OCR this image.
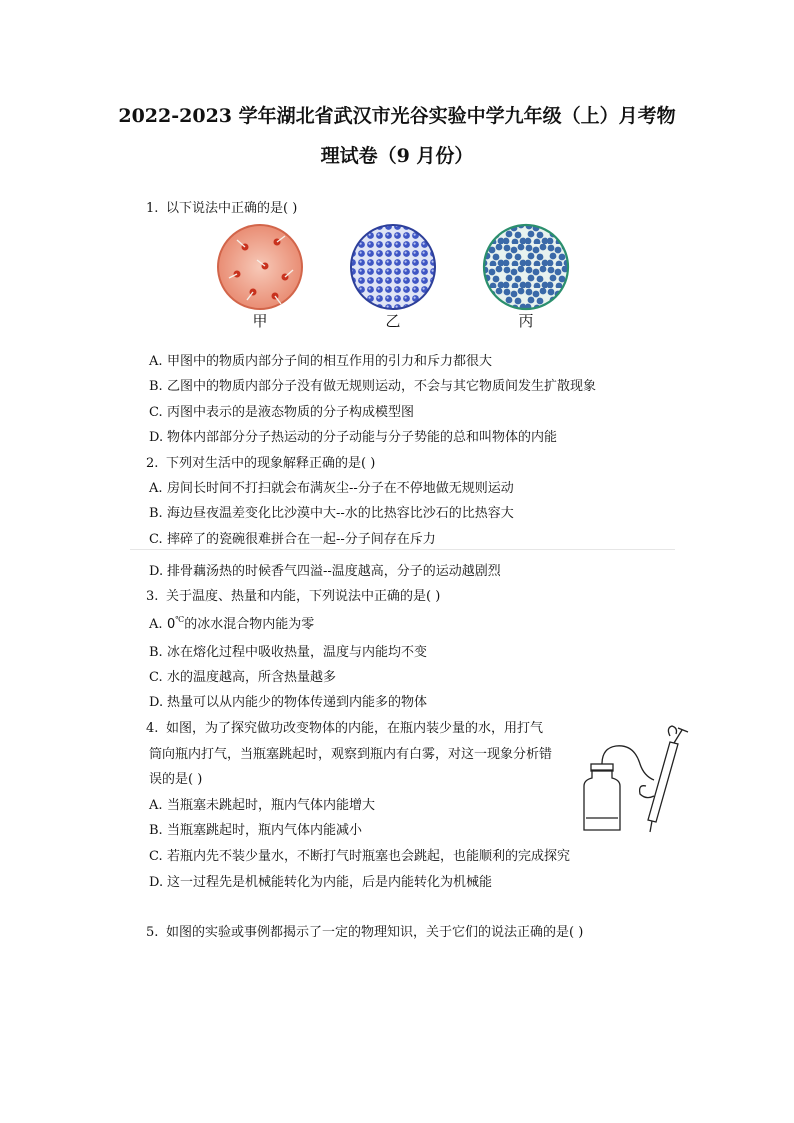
2022-2023 学年湖北省武汉市光谷实验中学九年级（上）月考物
理试卷（9 月份）
1. 以下说法中正确的是( )
甲	乙	丙
A. 甲图中的物质内部分子间的相互作用的引力和斥力都很大
B. 乙图中的物质内部分子没有做无规则运动，不会与其它物质间发生扩散现象
C. 丙图中表示的是液态物质的分子构成模型图
D. 物体内部部分分子热运动的分子动能与分子势能的总和叫物体的内能
2. 下列对生活中的现象解释正确的是( )
A. 房间长时间不打扫就会布满灰尘--分子在不停地做无规则运动
B. 海边昼夜温差变化比沙漠中大--水的比热容比沙石的比热容大
C. 摔碎了的瓷碗很难拼合在一起--分子间存在斥力
D. 排骨藕汤热的时候香气四溢--温度越高，分子的运动越剧烈
3. 关于温度、热量和内能，下列说法中正确的是( )
A. 0℃的冰水混合物内能为零
B. 冰在熔化过程中吸收热量，温度与内能均不变
C. 水的温度越高，所含热量越多
D. 热量可以从内能少的物体传递到内能多的物体
4. 如图，为了探究做功改变物体的内能，在瓶内装少量的水，用打气
筒向瓶内打气，当瓶塞跳起时，观察到瓶内有白雾，对这一现象分析错
误的是( )
A. 当瓶塞未跳起时，瓶内气体内能增大
B. 当瓶塞跳起时，瓶内气体内能减小
C. 若瓶内先不装少量水，不断打气时瓶塞也会跳起，也能顺利的完成探究
D. 这一过程先是机械能转化为内能，后是内能转化为机械能
5. 如图的实验或事例都揭示了一定的物理知识，关于它们的说法正确的是( )
